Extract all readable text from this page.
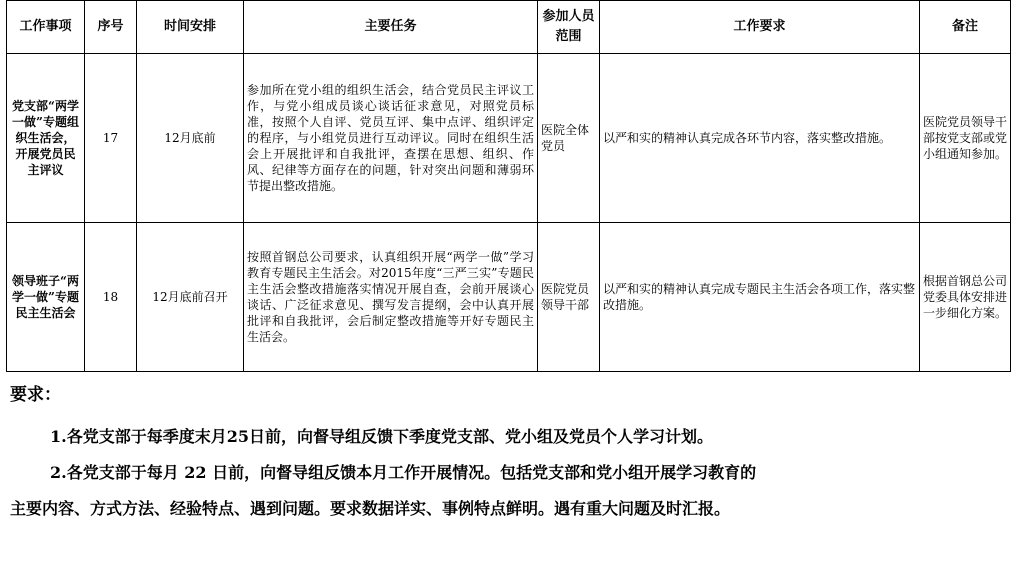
工作事项	序号	时间安排	主要任务	参加人员范围	工作要求	备注
党支部“两学一做”专题组织生活会，开展党员民主评议	17	12月底前	参加所在党小组的组织生活会，结合党员民主评议工作，与党小组成员谈心谈话征求意见，对照党员标准，按照个人自评、党员互评、集中点评、组织评定的程序，与小组党员进行互动评议。同时在组织生活会上开展批评和自我批评，查摆在思想、组织、作风、纪律等方面存在的问题，针对突出问题和薄弱环节提出整改措施。	医院全体党员	以严和实的精神认真完成各环节内容，落实整改措施。	医院党员领导干部按党支部或党小组通知参加。
领导班子“两学一做”专题民主生活会	18	12月底前召开	按照首钢总公司要求，认真组织开展“两学一做”学习教育专题民主生活会。对2015年度“三严三实”专题民主生活会整改措施落实情况开展自查，会前开展谈心谈话、广泛征求意见、撰写发言提纲，会中认真开展批评和自我批评，会后制定整改措施等开好专题民主生活会。	医院党员领导干部	以严和实的精神认真完成专题民主生活会各项工作，落实整改措施。	根据首钢总公司党委具体安排进一步细化方案。

要求：

1.各党支部于每季度末月25日前，向督导组反馈下季度党支部、党小组及党员个人学习计划。

2.各党支部于每月 22 日前，向督导组反馈本月工作开展情况。包括党支部和党小组开展学习教育的

主要内容、方式方法、经验特点、遇到问题。要求数据详实、事例特点鲜明。遇有重大问题及时汇报。
